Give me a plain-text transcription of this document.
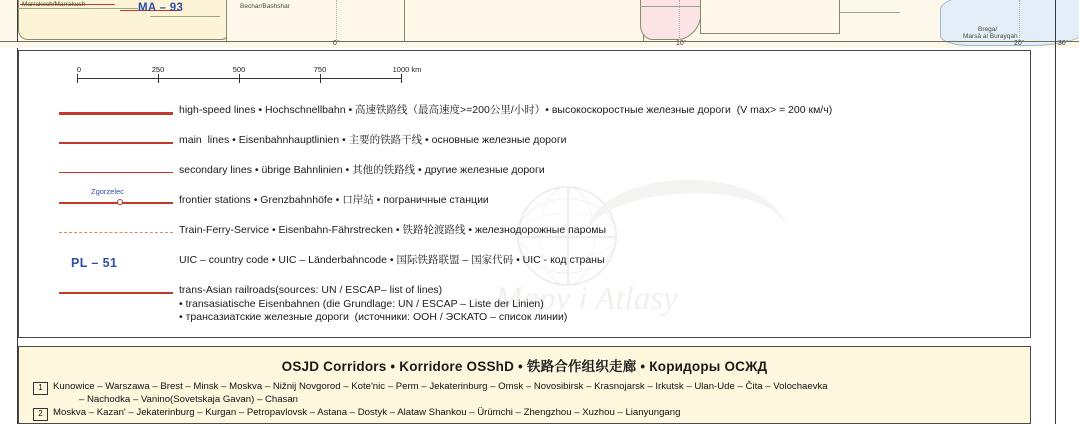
MA – 93
Marrakech/Marrakush	Bechar/Bashshar
Brega/
Marsā al Burayqah
0°	10°	20°	30°
0	250	500	750	1000 km
Mapy i Atlasy
high-speed lines • Hochschnellbahn • 高速铁路线（最高速度>=200公里/小时）• высокоскоростные железные дороги  (V max> = 200 км/ч)
main  lines • Eisenbahnhauptlinien • 主要的铁路干线 • основные железные дороги
secondary lines • übrige Bahnlinien • 其他的铁路线 • другие железные дороги
Zgorzelec
frontier stations • Grenzbahnhöfe • 口岸站 • пограничные станции
Train-Ferry-Service • Eisenbahn-Fährstrecken • 铁路轮渡路线 • железнодорожные паромы
PL – 51	UIC – country code • UIC – Länderbahncode • 国际铁路联盟 – 国家代码 • UIC - код страны
trans-Asian railroads(sources: UN / ESCAP– list of lines)
• transasiatische Eisenbahnen (die Grundlage: UN / ESCAP – Liste der Linien)
• трансазиатские железные дороги  (источники: ООН / ЭСКАТО – список линии)
OSJD Corridors • Korridore OSShD • 铁路合作组织走廊 • Коридоры ОСЖД
1	Kunowice – Warszawa – Brest – Minsk – Moskva – Nižnij Novgorod – Kote'nic – Perm – Jekaterinburg – Omsk – Novosibirsk – Krasnojarsk – Irkutsk – Ulan-Ude – Čita – Volochaevka
– Nachodka – Vanino(Sovetskaja Gavan) – Chasan
2	Moskva – Kazan' – Jekaterinburg – Kurgan – Petropavlovsk – Astana – Dostyk – Alataw Shankou – Ürümchi – Zhengzhou – Xuzhou – Lianyungang
